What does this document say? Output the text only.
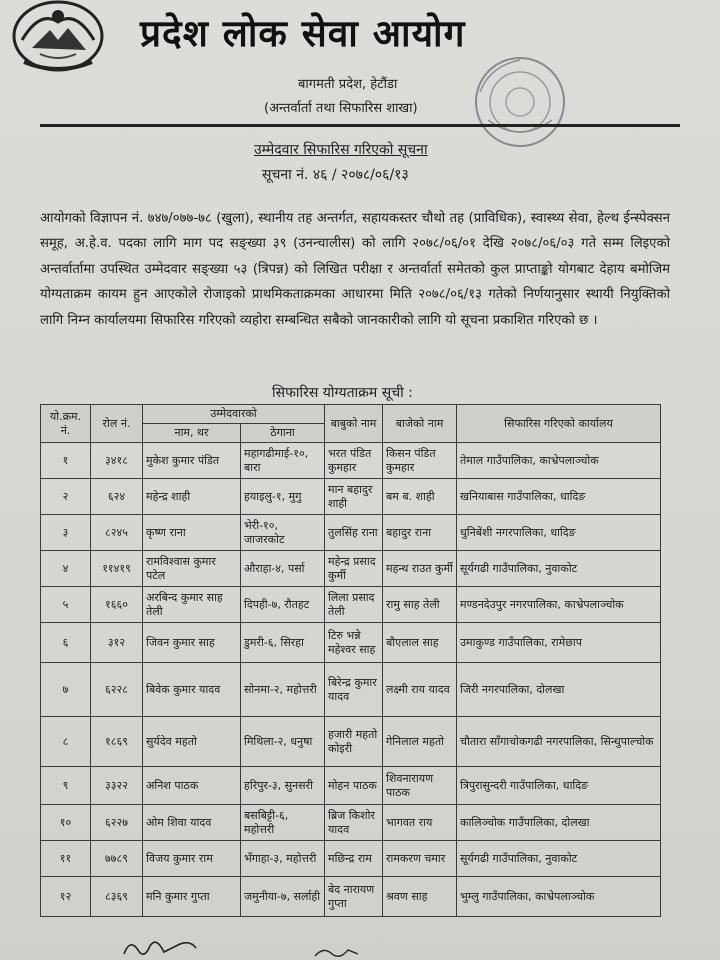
प्रदेश लोक सेवा आयोग
बागमती प्रदेश, हेटौंडा
(अन्तर्वार्ता तथा सिफारिस शाखा)
उम्मेदवार सिफारिस गरिएको सूचना
सूचना नं. ४६ / २०७८/०६/१३
आयोगको विज्ञापन नं. ७४७/०७७-७८ (खुला), स्थानीय तह अन्तर्गत, सहायकस्तर चौथो तह (प्राविधिक), स्वास्थ्य सेवा, हेल्थ ईन्स्पेक्सन समूह, अ.हे.व. पदका लागि माग पद सङ्ख्या ३९ (उनन्चालीस) को लागि २०७८/०६/०१ देखि २०७८/०६/०३ गते सम्म लिइएको अन्तर्वार्तामा उपस्थित उम्मेदवार सङ्ख्या ५३ (त्रिपन्न) को लिखित परीक्षा र अन्तर्वार्ता समेतको कुल प्राप्ताङ्को योगबाट देहाय बमोजिम योग्यताक्रम कायम हुन आएकोले रोजाइको प्राथमिकताक्रमका आधारमा मिति २०७८/०६/१३ गतेको निर्णयानुसार स्थायी नियुक्तिको लागि निम्न कार्यालयमा सिफारिस गरिएको व्यहोरा सम्बन्धित सबैको जानकारीको लागि यो सूचना प्रकाशित गरिएको छ ।
सिफारिस योग्यताक्रम सूची :
यो.क्रम. नं.	रोल नं.	उम्मेदवारको		बाबुको नाम	बाजेको नाम	सिफारिस गरिएको कार्यालय
		नाम, थर	ठेगाना			
१	३४१८	मुकेश कुमार पंडित	महागढीमाई-१०, बारा	भरत पंडित कुमहार	किसन पंडित कुमहार	तेमाल गाउँपालिका, काभ्रेपलाञ्चोक
२	६२४	महेन्द्र शाही	हयाइलु-१, मुगु	मान बहादुर शाही	बम ब. शाही	खनियाबास गाउँपालिका, धादिङ
३	८२४५	कृष्ण राना	भेरी-१०, जाजरकोट	तुलसिंह राना	बहादुर राना	धुनिबेंशी नगरपालिका, धादिङ
४	११४१९	रामविश्वास कुमार पटेल	औराहा-४, पर्सा	महेन्द्र प्रसाद कुर्मी	महन्थ राउत कुर्मी	सूर्यगढी गाउँपालिका, नुवाकोट
५	१६६०	अरबिन्द कुमार साह तेली	दिपही-७, रौतहट	लिला प्रसाद तेली	रामु साह तेली	मण्डनदेउपुर नगरपालिका, काभ्रेपलाञ्चोक
६	३१२	जिवन कुमार साह	डुमरी-६, सिरहा	टिरु भन्ने महेश्वर साह	बौएलाल साह	उमाकुण्ड गाउँपालिका, रामेछाप
७	६२२८	बिवेक कुमार यादव	सोनमा-२, महोत्तरी	बिरेन्द्र कुमार यादव	लक्ष्मी राय यादव	जिरी नगरपालिका, दोलखा
८	१८६९	सुर्यदेव महतो	मिथिला-२, धनुषा	हजारी महतो कोइरी	गेनिलाल महतो	चौतारा साँगाचोकगढी नगरपालिका, सिन्धुपाल्चोक
९	३३२२	अनिश पाठक	हरिपुर-३, सुनसरी	मोहन पाठक	शिवनारायण पाठक	त्रिपुरासुन्दरी गाउँपालिका, धादिङ
१०	६२२७	ओम शिवा यादव	बसबिट्टी-६, महोत्तरी	ब्रिज किशोर यादव	भागवत राय	कालिञ्चोक गाउँपालिका, दोलखा
११	७७८९	विजय कुमार राम	भँगाहा-३, महोत्तरी	मछिन्द्र राम	रामकरण चमार	सूर्यगढी गाउँपालिका, नुवाकोट
१२	८३६९	मनि कुमार गुप्ता	जमुनीया-७, सर्लाही	बेद नारायण गुप्ता	श्रवण साह	भुम्लु गाउँपालिका, काभ्रेपलाञ्चोक
